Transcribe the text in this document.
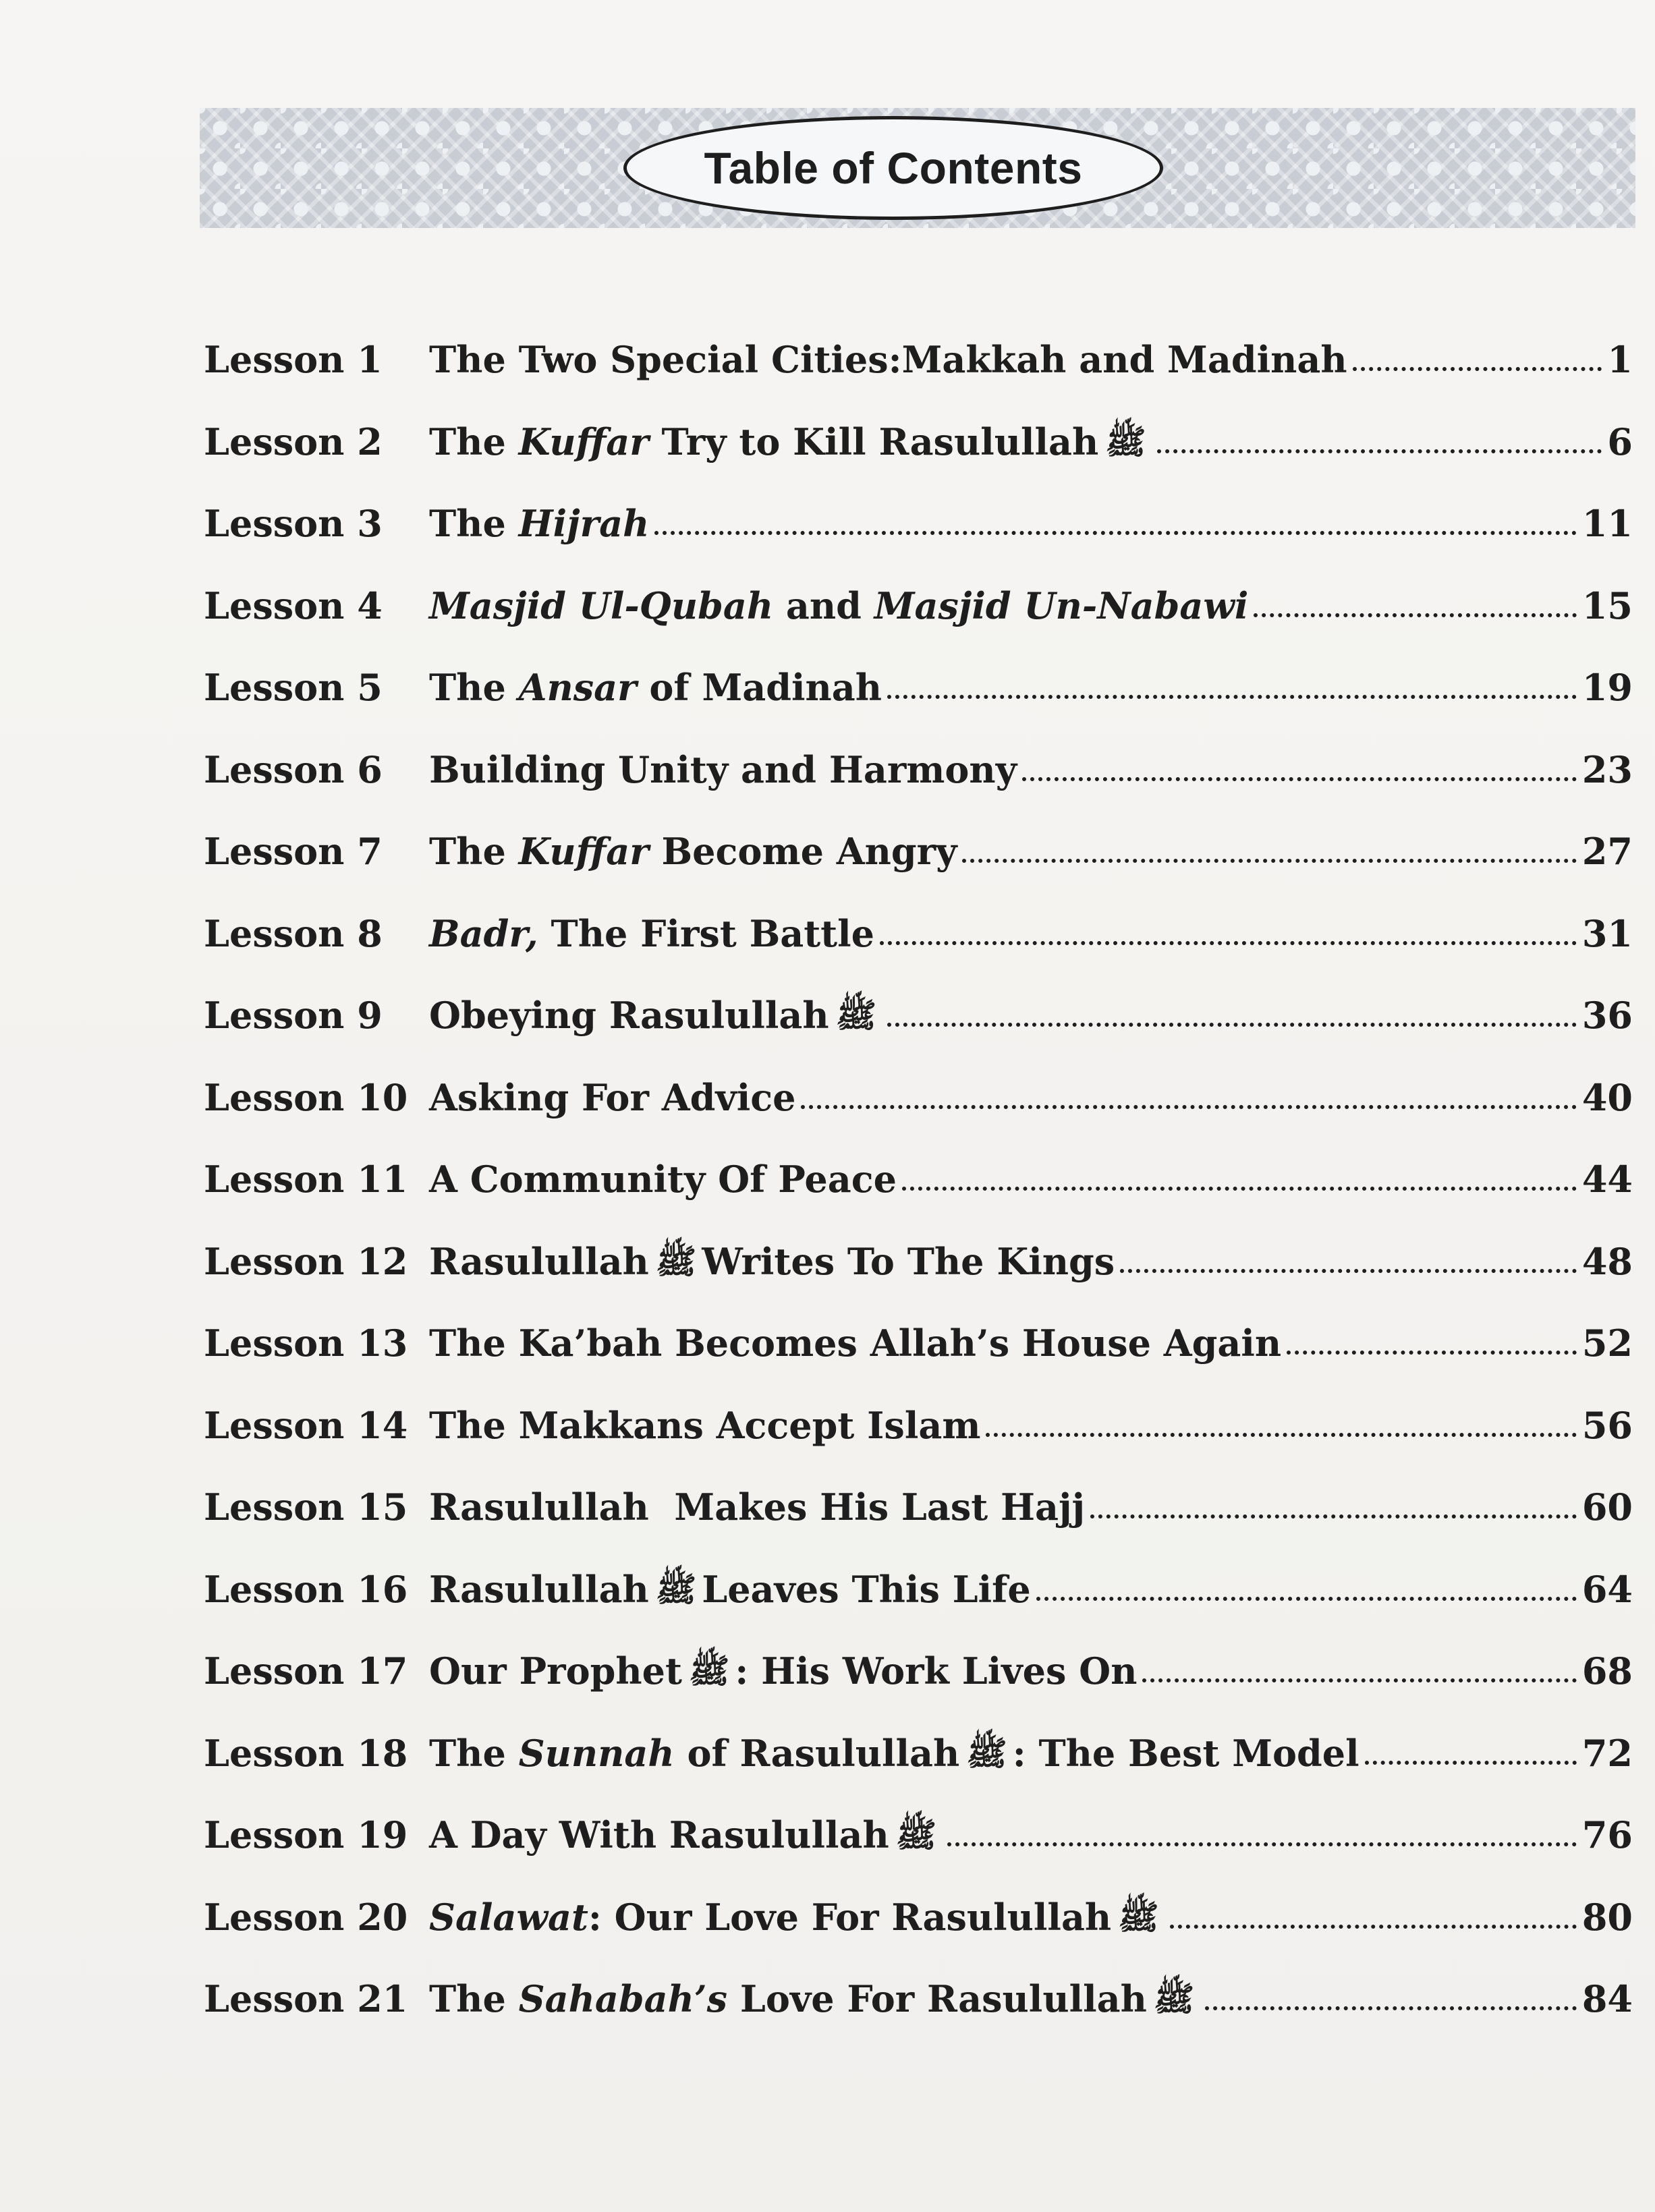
Table of Contents
Lesson 1	The Two Special Cities:Makkah and Madinah	1
Lesson 2	The Kuffar Try to Kill Rasulullah ﷺ	6
Lesson 3	The Hijrah	11
Lesson 4	Masjid Ul-Qubah and Masjid Un-Nabawi	15
Lesson 5	The Ansar of Madinah	19
Lesson 6	Building Unity and Harmony	23
Lesson 7	The Kuffar Become Angry	27
Lesson 8	Badr, The First Battle	31
Lesson 9	Obeying Rasulullah ﷺ	36
Lesson 10 Asking For Advice	40
Lesson 11 A Community Of Peace	44
Lesson 12 Rasulullah ﷺ Writes To The Kings	48
Lesson 13 The Ka’bah Becomes Allah’s House Again	52
Lesson 14 The Makkans Accept Islam	56
Lesson 15 Rasulullah  Makes His Last Hajj	60
Lesson 16 Rasulullah ﷺ Leaves This Life	64
Lesson 17 Our Prophet ﷺ : His Work Lives On	68
Lesson 18 The Sunnah of Rasulullah ﷺ : The Best Model	72
Lesson 19 A Day With Rasulullah ﷺ	76
Lesson 20 Salawat : Our Love For Rasulullah ﷺ	80
Lesson 21 The Sahabah’s Love For Rasulullah ﷺ	84
